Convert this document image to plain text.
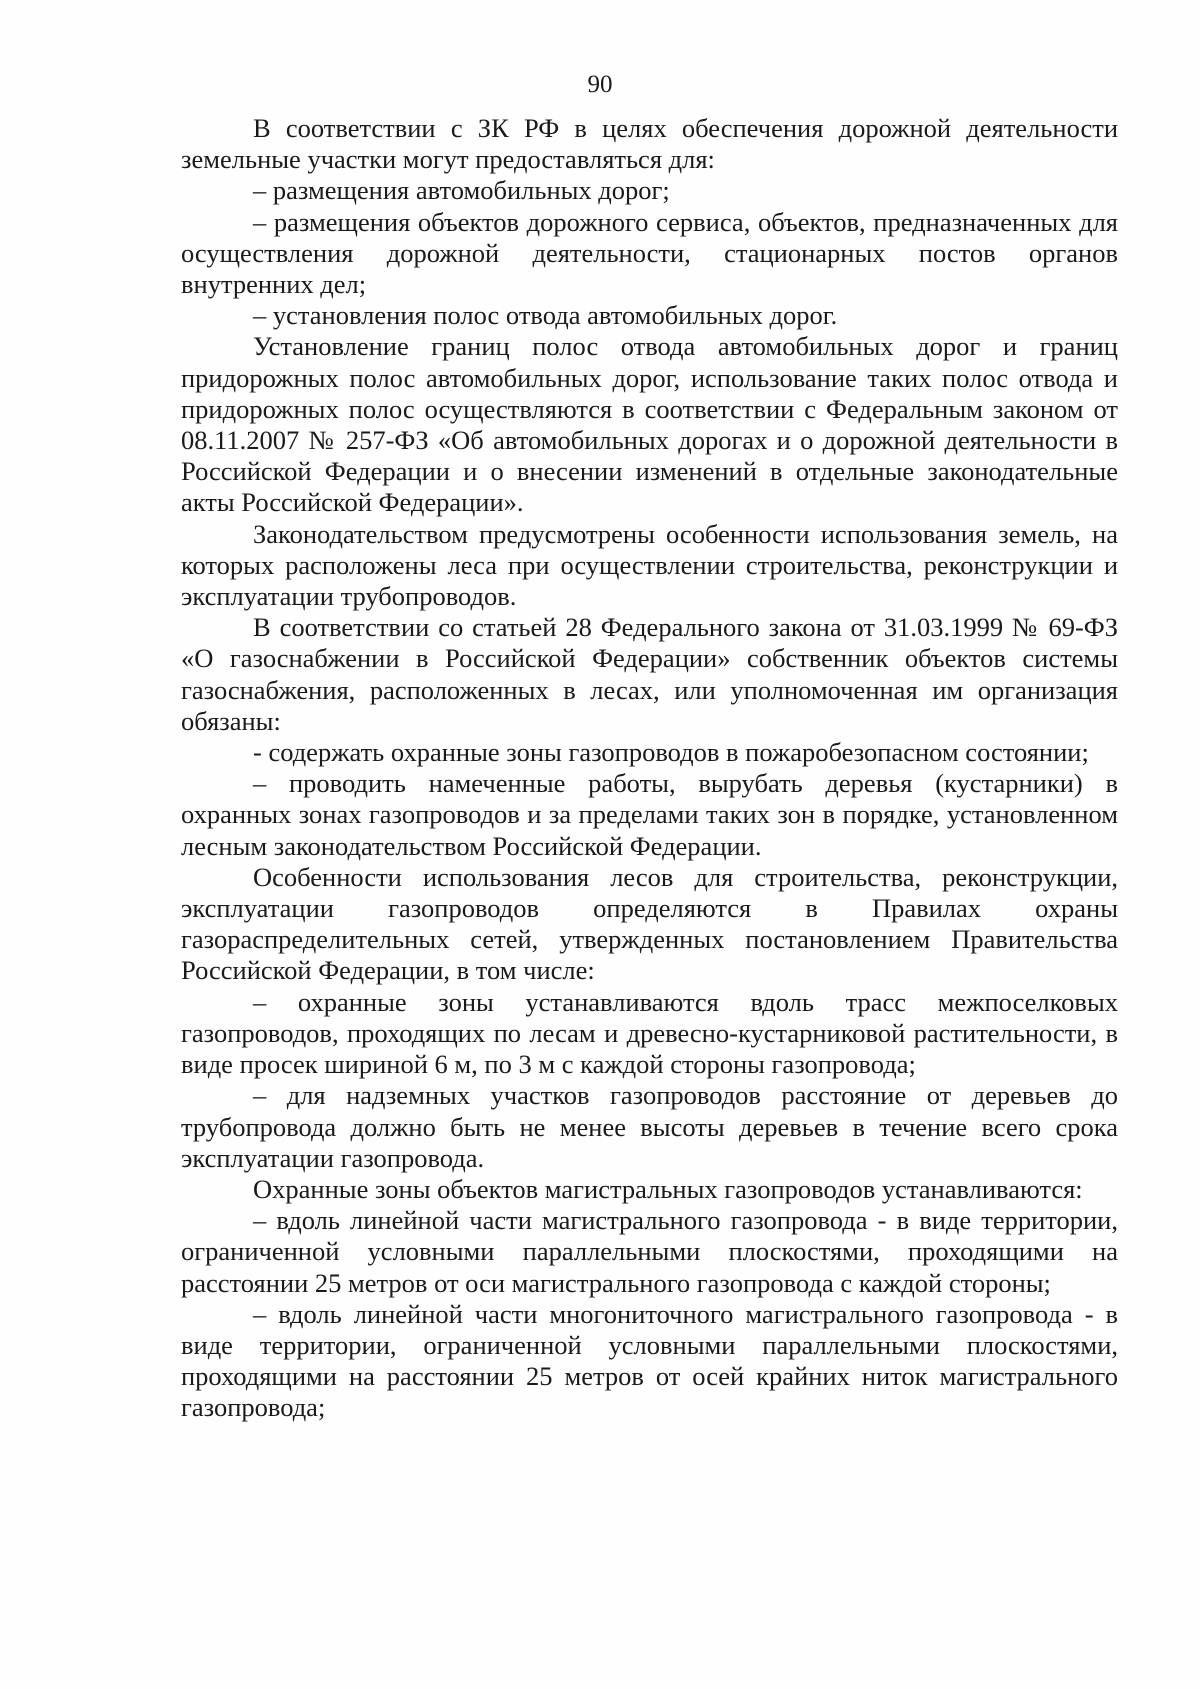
90

В соответствии с ЗК РФ в целях обеспечения дорожной деятельности земельные участки могут предоставляться для:

– размещения автомобильных дорог;

– размещения объектов дорожного сервиса, объектов, предназначенных для осуществления дорожной деятельности, стационарных постов органов внутренних дел;

– установления полос отвода автомобильных дорог.

Установление границ полос отвода автомобильных дорог и границ придорожных полос автомобильных дорог, использование таких полос отвода и придорожных полос осуществляются в соответствии с Федеральным законом от 08.11.2007 № 257-ФЗ «Об автомобильных дорогах и о дорожной деятельности в Российской Федерации и о внесении изменений в отдельные законодательные акты Российской Федерации».

Законодательством предусмотрены особенности использования земель, на которых расположены леса при осуществлении строительства, реконструкции и эксплуатации трубопроводов.

В соответствии со статьей 28 Федерального закона от 31.03.1999 № 69-ФЗ «О газоснабжении в Российской Федерации» собственник объектов системы газоснабжения, расположенных в лесах, или уполномоченная им организация обязаны:

- содержать охранные зоны газопроводов в пожаробезопасном состоянии;

– проводить намеченные работы, вырубать деревья (кустарники) в охранных зонах газопроводов и за пределами таких зон в порядке, установленном лесным законодательством Российской Федерации.

Особенности использования лесов для строительства, реконструкции, эксплуатации газопроводов определяются в Правилах охраны газораспределительных сетей, утвержденных постановлением Правительства Российской Федерации, в том числе:

– охранные зоны устанавливаются вдоль трасс межпоселковых газопроводов, проходящих по лесам и древесно-кустарниковой растительности, в виде просек шириной 6 м, по 3 м с каждой стороны газопровода;

– для надземных участков газопроводов расстояние от деревьев до трубопровода должно быть не менее высоты деревьев в течение всего срока эксплуатации газопровода.

Охранные зоны объектов магистральных газопроводов устанавливаются:

– вдоль линейной части магистрального газопровода - в виде территории, ограниченной условными параллельными плоскостями, проходящими на расстоянии 25 метров от оси магистрального газопровода с каждой стороны;

– вдоль линейной части многониточного магистрального газопровода - в виде территории, ограниченной условными параллельными плоскостями, проходящими на расстоянии 25 метров от осей крайних ниток магистрального газопровода;
